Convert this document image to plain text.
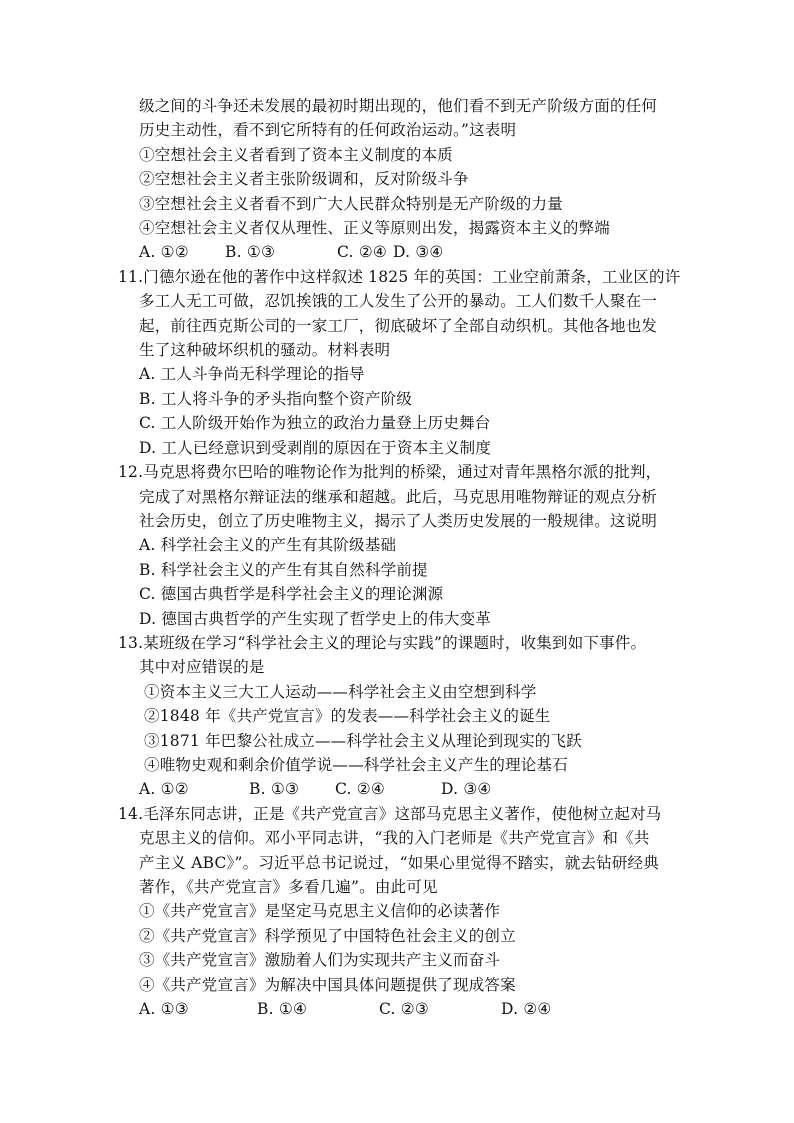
级之间的斗争还未发展的最初时期出现的，他们看不到无产阶级方面的任何
历史主动性，看不到它所特有的任何政治运动。”这表明
①空想社会主义者看到了资本主义制度的本质
②空想社会主义者主张阶级调和，反对阶级斗争
③空想社会主义者看不到广大人民群众特别是无产阶级的力量
④空想社会主义者仅从理性、正义等原则出发，揭露资本主义的弊端
A. ①②	B. ①③	C. ②④ D. ③④
11.门德尔逊在他的著作中这样叙述 1825 年的英国：工业空前萧条，工业区的许
多工人无工可做，忍饥挨饿的工人发生了公开的暴动。工人们数千人聚在一
起，前往西克斯公司的一家工厂，彻底破坏了全部自动织机。其他各地也发
生了这种破坏织机的骚动。材料表明
A. 工人斗争尚无科学理论的指导
B. 工人将斗争的矛头指向整个资产阶级
C. 工人阶级开始作为独立的政治力量登上历史舞台
D. 工人已经意识到受剥削的原因在于资本主义制度
12.马克思将费尔巴哈的唯物论作为批判的桥梁，通过对青年黑格尔派的批判，
完成了对黑格尔辩证法的继承和超越。此后，马克思用唯物辩证的观点分析
社会历史，创立了历史唯物主义，揭示了人类历史发展的一般规律。这说明
A. 科学社会主义的产生有其阶级基础
B. 科学社会主义的产生有其自然科学前提
C. 德国古典哲学是科学社会主义的理论渊源
D. 德国古典哲学的产生实现了哲学史上的伟大变革
13.某班级在学习“科学社会主义的理论与实践”的课题时，收集到如下事件。
其中对应错误的是
①资本主义三大工人运动——科学社会主义由空想到科学
②1848 年《共产党宣言》的发表——科学社会主义的诞生
③1871 年巴黎公社成立——科学社会主义从理论到现实的飞跃
④唯物史观和剩余价值学说——科学社会主义产生的理论基石
A. ①②	B. ①③	C. ②④	D. ③④
14.毛泽东同志讲，正是《共产党宣言》这部马克思主义著作，使他树立起对马
克思主义的信仰。邓小平同志讲，“我的入门老师是《共产党宣言》和《共
产主义 ABC》”。习近平总书记说过，“如果心里觉得不踏实，就去钻研经典
著作，《共产党宣言》多看几遍”。由此可见
①《共产党宣言》是坚定马克思主义信仰的必读著作
②《共产党宣言》科学预见了中国特色社会主义的创立
③《共产党宣言》激励着人们为实现共产主义而奋斗
④《共产党宣言》为解决中国具体问题提供了现成答案
A. ①③	B. ①④	C. ②③	D. ②④
